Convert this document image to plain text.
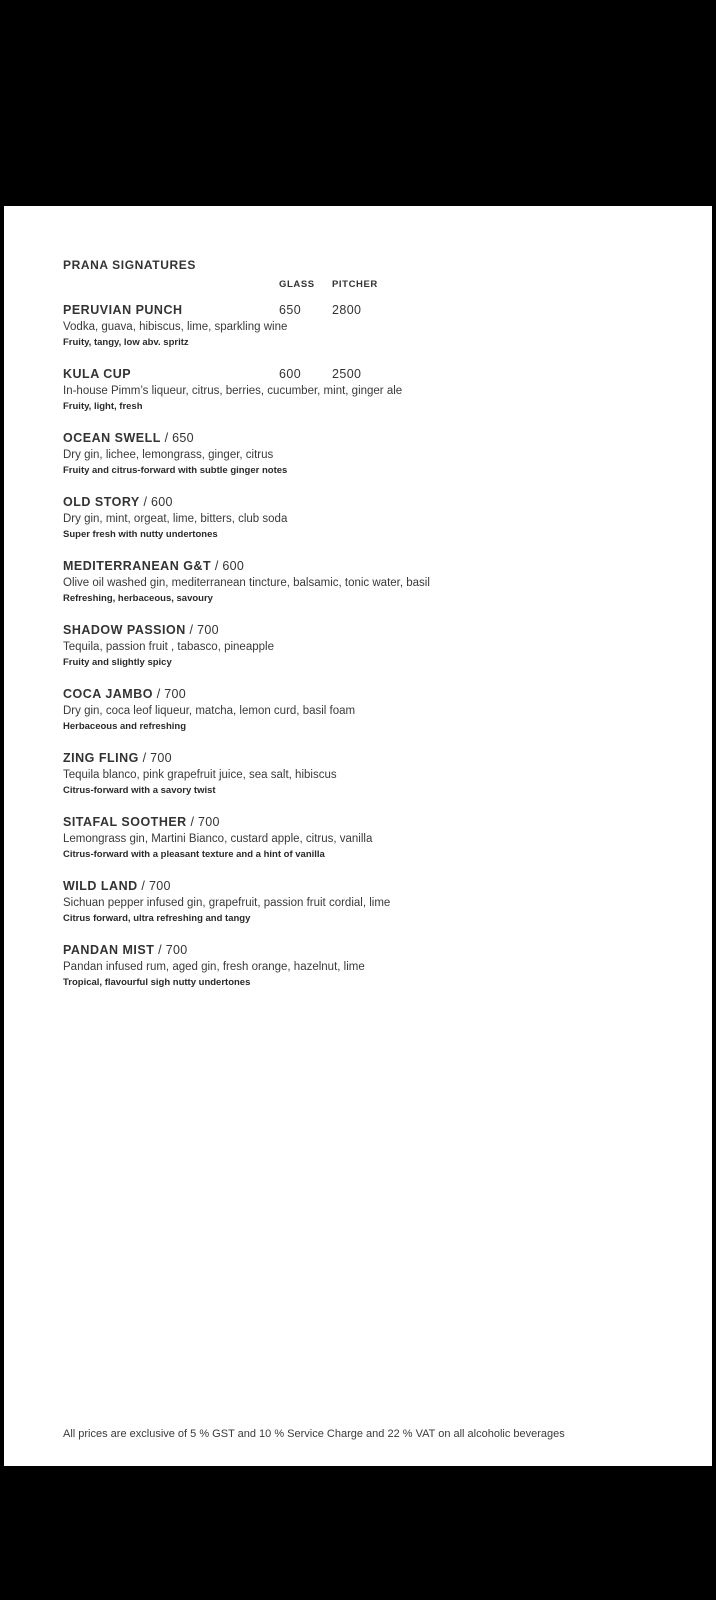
PRANA SIGNATURES
GLASS PITCHER
PERUVIAN PUNCH	650 2800
Vodka, guava, hibiscus, lime, sparkling wine
Fruity, tangy, low abv. spritz
KULA CUP	600 2500
In-house Pimm’s liqueur, citrus, berries, cucumber, mint, ginger ale
Fruity, light, fresh
OCEAN SWELL / 650
Dry gin, lichee, lemongrass, ginger, citrus
Fruity and citrus-forward with subtle ginger notes
OLD STORY / 600
Dry gin, mint, orgeat, lime, bitters, club soda
Super fresh with nutty undertones
MEDITERRANEAN G&T / 600
Olive oil washed gin, mediterranean tincture, balsamic, tonic water, basil
Refreshing, herbaceous, savoury
SHADOW PASSION / 700
Tequila, passion fruit , tabasco, pineapple
Fruity and slightly spicy
COCA JAMBO / 700
Dry gin, coca leof liqueur, matcha, lemon curd, basil foam
Herbaceous and refreshing
ZING FLING / 700
Tequila blanco, pink grapefruit juice, sea salt, hibiscus
Citrus-forward with a savory twist
SITAFAL SOOTHER / 700
Lemongrass gin, Martini Bianco, custard apple, citrus, vanilla
Citrus-forward with a pleasant texture and a hint of vanilla
WILD LAND / 700
Sichuan pepper infused gin, grapefruit, passion fruit cordial, lime
Citrus forward, ultra refreshing and tangy
PANDAN MIST / 700
Pandan infused rum, aged gin, fresh orange, hazelnut, lime
Tropical, flavourful sigh nutty undertones
All prices are exclusive of 5 % GST and 10 % Service Charge and 22 % VAT on all alcoholic beverages
